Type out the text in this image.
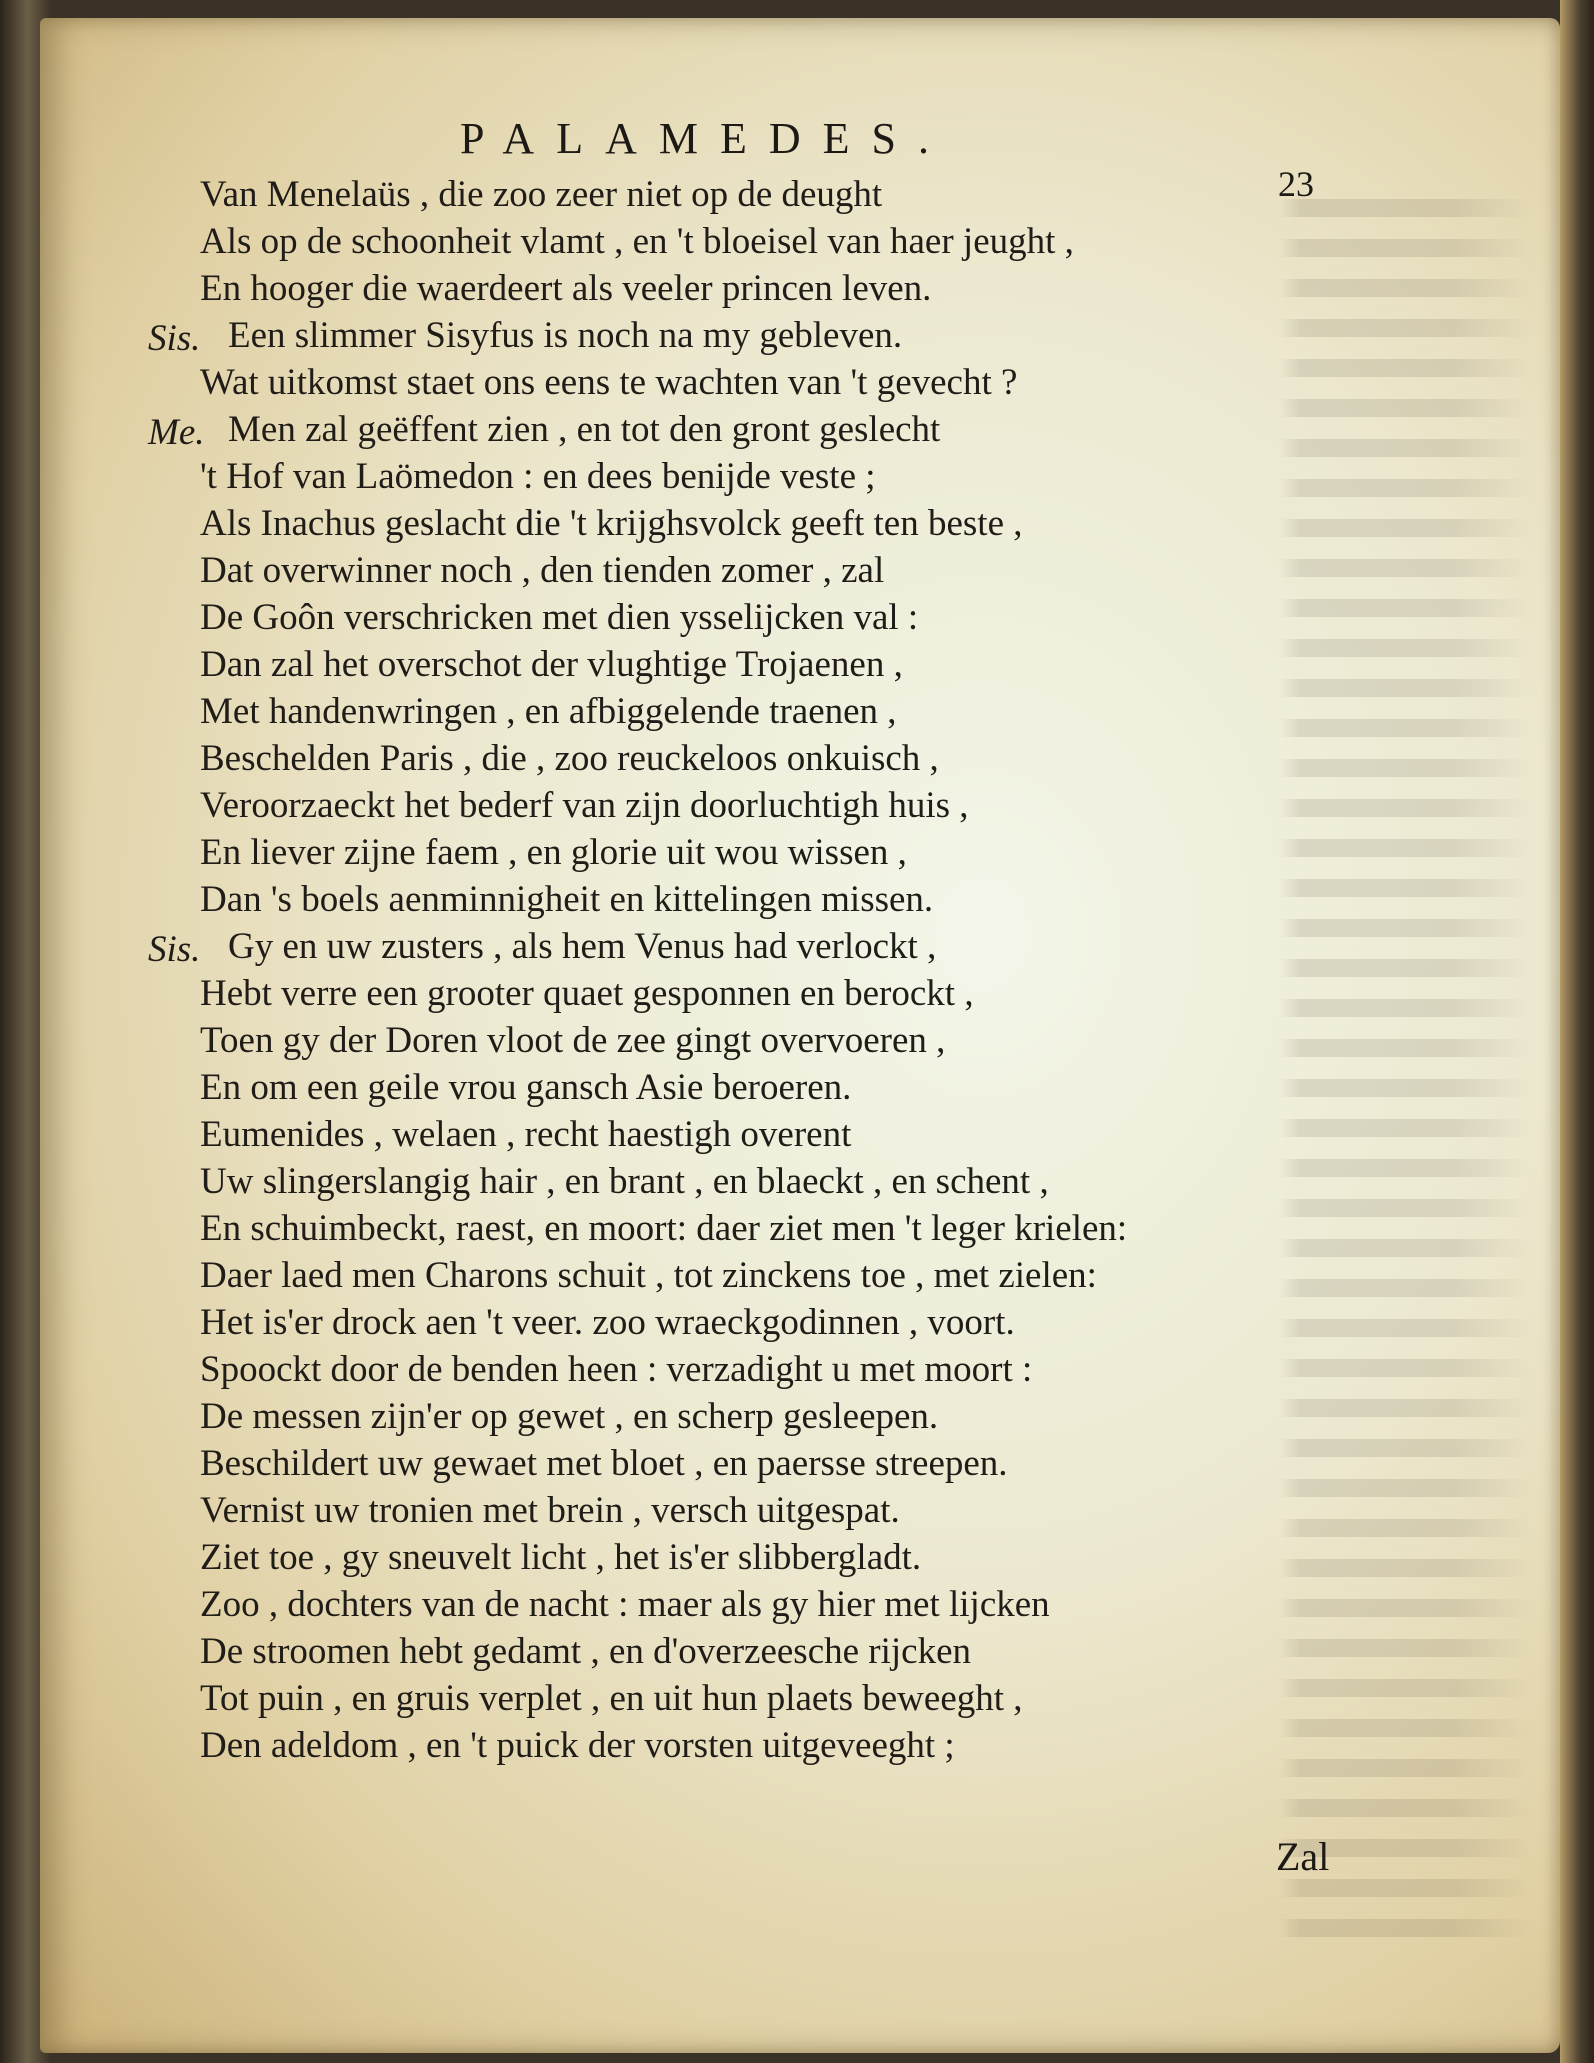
PALAMEDES.
23
Van Menelaüs , die zoo zeer niet op de deught
Als op de schoonheit vlamt , en 't bloeisel van haer jeught ,
En hooger die waerdeert als veeler princen leven.
Sis. Een slimmer Sisyfus is noch na my gebleven.
Wat uitkomst staet ons eens te wachten van 't gevecht ?
Me. Men zal geëffent zien , en tot den gront geslecht
't Hof van Laömedon : en dees benijde veste ;
Als Inachus geslacht die 't krijghsvolck geeft ten beste ,
Dat overwinner noch , den tienden zomer , zal
De Goôn verschricken met dien ysselijcken val :
Dan zal het overschot der vlughtige Trojaenen ,
Met handenwringen , en afbiggelende traenen ,
Beschelden Paris , die , zoo reuckeloos onkuisch ,
Veroorzaeckt het bederf van zijn doorluchtigh huis ,
En liever zijne faem , en glorie uit wou wissen ,
Dan 's boels aenminnigheit en kittelingen missen.
Sis. Gy en uw zusters , als hem Venus had verlockt ,
Hebt verre een grooter quaet gesponnen en berockt ,
Toen gy der Doren vloot de zee gingt overvoeren ,
En om een geile vrou gansch Asie beroeren.
Eumenides , welaen , recht haestigh overent
Uw slingerslangig hair , en brant , en blaeckt , en schent ,
En schuimbeckt, raest, en moort: daer ziet men 't leger krielen:
Daer laed men Charons schuit , tot zinckens toe , met zielen:
Het is'er drock aen 't veer. zoo wraeckgodinnen , voort.
Spoockt door de benden heen : verzadight u met moort :
De messen zijn'er op gewet , en scherp gesleepen.
Beschildert uw gewaet met bloet , en paersse streepen.
Vernist uw tronien met brein , versch uitgespat.
Ziet toe , gy sneuvelt licht , het is'er slibbergladt.
Zoo , dochters van de nacht : maer als gy hier met lijcken
De stroomen hebt gedamt , en d'overzeesche rijcken
Tot puin , en gruis verplet , en uit hun plaets beweeght ,
Den adeldom , en 't puick der vorsten uitgeveeght ;
Zal
